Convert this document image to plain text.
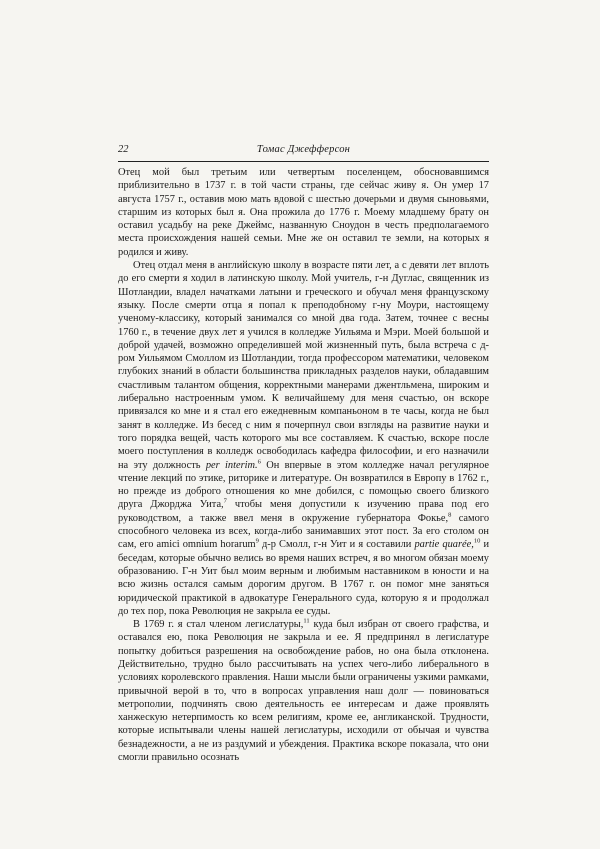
22	Томас Джефферсон

Отец мой был третьим или четвертым поселенцем, обосновавшимся приблизительно в 1737 г. в той части страны, где сейчас живу я. Он умер 17 августа 1757 г., оставив мою мать вдовой с шестью дочерьми и двумя сыновьями, старшим из которых был я. Она прожила до 1776 г. Моему младшему брату он оставил усадьбу на реке Джеймс, названную Сноудон в честь предполагаемого места происхождения нашей семьи. Мне же он оставил те земли, на которых я родился и живу.

Отец отдал меня в английскую школу в возрасте пяти лет, а с девяти лет вплоть до его смерти я ходил в латинскую школу. Мой учитель, г-н Дуглас, священник из Шотландии, владел начатками латыни и греческого и обучал меня французскому языку. После смерти отца я попал к преподобному г-ну Моури, настоящему ученому-классику, который занимался со мной два года. Затем, точнее с весны 1760 г., в течение двух лет я учился в колледже Уильяма и Мэри. Моей большой и доброй удачей, возможно определившей мой жизненный путь, была встреча с д-ром Уильямом Смоллом из Шотландии, тогда профессором математики, человеком глубоких знаний в области большинства прикладных разделов науки, обладавшим счастливым талантом общения, корректными манерами джентльмена, широким и либерально настроенным умом. К величайшему для меня счастью, он вскоре привязался ко мне и я стал его ежедневным компаньоном в те часы, когда не был занят в колледже. Из бесед с ним я почерпнул свои взгляды на развитие науки и того порядка вещей, часть которого мы все составляем. К счастью, вскоре после моего поступления в колледж освободилась кафедра философии, и его назначили на эту должность per interim.$^6$ Он впервые в этом колледже начал регулярное чтение лекций по этике, риторике и литературе. Он возвратился в Европу в 1762 г., но прежде из доброго отношения ко мне добился, с помощью своего близкого друга Джорджа Уита,$^7$ чтобы меня допустили к изучению права под его руководством, а также ввел меня в окружение губернатора Фокье,$^8$ самого способного человека из всех, когда-либо занимавших этот пост. За его столом он сам, его amici omnium horarum$^9$ д-р Смолл, г-н Уит и я составили partie quarée,$^{10}$ и беседам, которые обычно велись во время наших встреч, я во многом обязан моему образованию. Г-н Уит был моим верным и любимым наставником в юности и на всю жизнь остался самым дорогим другом. В 1767 г. он помог мне заняться юридической практикой в адвокатуре Генерального суда, которую я и продолжал до тех пор, пока Революция не закрыла ее суды.

В 1769 г. я стал членом легислатуры,$^{11}$ куда был избран от своего графства, и оставался ею, пока Революция не закрыла и ее. Я предпринял в легислатуре попытку добиться разрешения на освобождение рабов, но она была отклонена. Действительно, трудно было рассчитывать на успех чего-либо либерального в условиях королевского правления. Наши мысли были ограничены узкими рамками, привычной верой в то, что в вопросах управления наш долг — повиноваться метрополии, подчинять свою деятельность ее интересам и даже проявлять ханжескую нетерпимость ко всем религиям, кроме ее, англиканской. Трудности, которые испытывали члены нашей легислатуры, исходили от обычая и чувства безнадежности, а не из раздумий и убеждения. Практика вскоре показала, что они смогли правильно осознать
